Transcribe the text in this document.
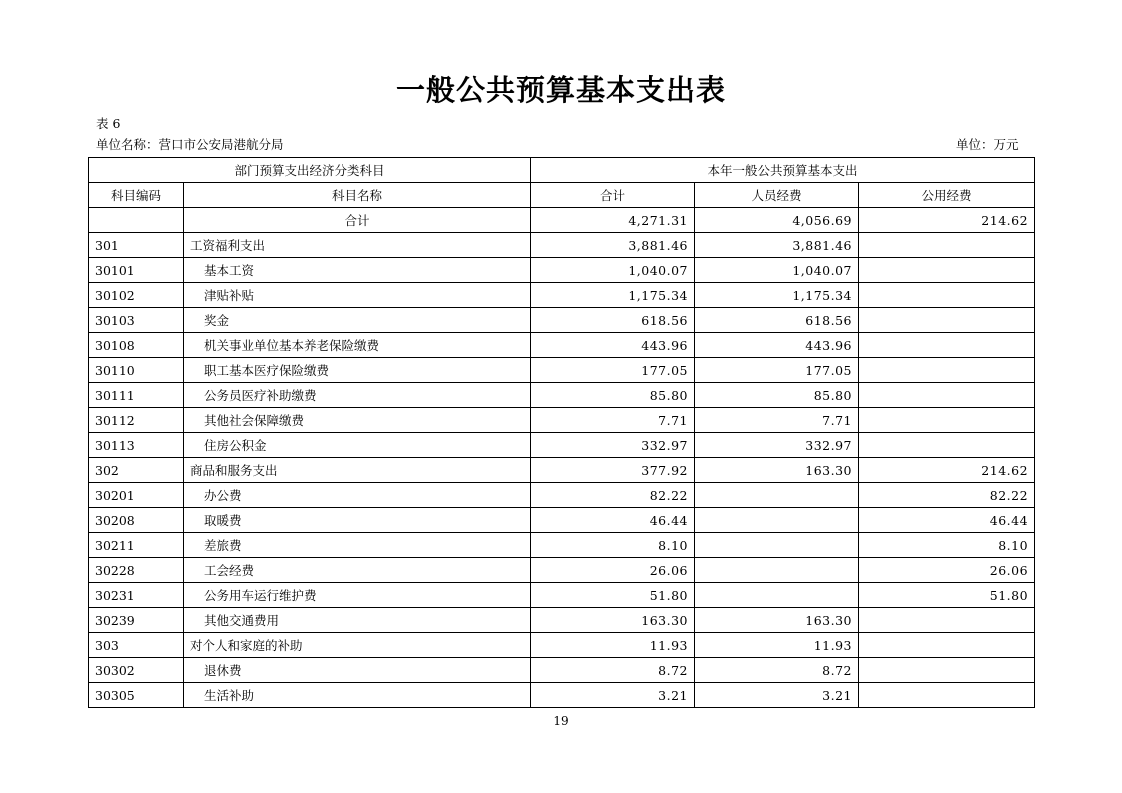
一般公共预算基本支出表
表 6
单位名称：营口市公安局港航分局	单位：万元
部门预算支出经济分类科目		本年一般公共预算基本支出		
科目编码	科目名称	合计	人员经费	公用经费
	合计	4,271.31	4,056.69	214.62
301	工资福利支出	3,881.46	3,881.46	
30101	基本工资	1,040.07	1,040.07	
30102	津贴补贴	1,175.34	1,175.34	
30103	奖金	618.56	618.56	
30108	机关事业单位基本养老保险缴费	443.96	443.96	
30110	职工基本医疗保险缴费	177.05	177.05	
30111	公务员医疗补助缴费	85.80	85.80	
30112	其他社会保障缴费	7.71	7.71	
30113	住房公积金	332.97	332.97	
302	商品和服务支出	377.92	163.30	214.62
30201	办公费	82.22		82.22
30208	取暖费	46.44		46.44
30211	差旅费	8.10		8.10
30228	工会经费	26.06		26.06
30231	公务用车运行维护费	51.80		51.80
30239	其他交通费用	163.30	163.30	
303	对个人和家庭的补助	11.93	11.93	
30302	退休费	8.72	8.72	
30305	生活补助	3.21	3.21	
19
